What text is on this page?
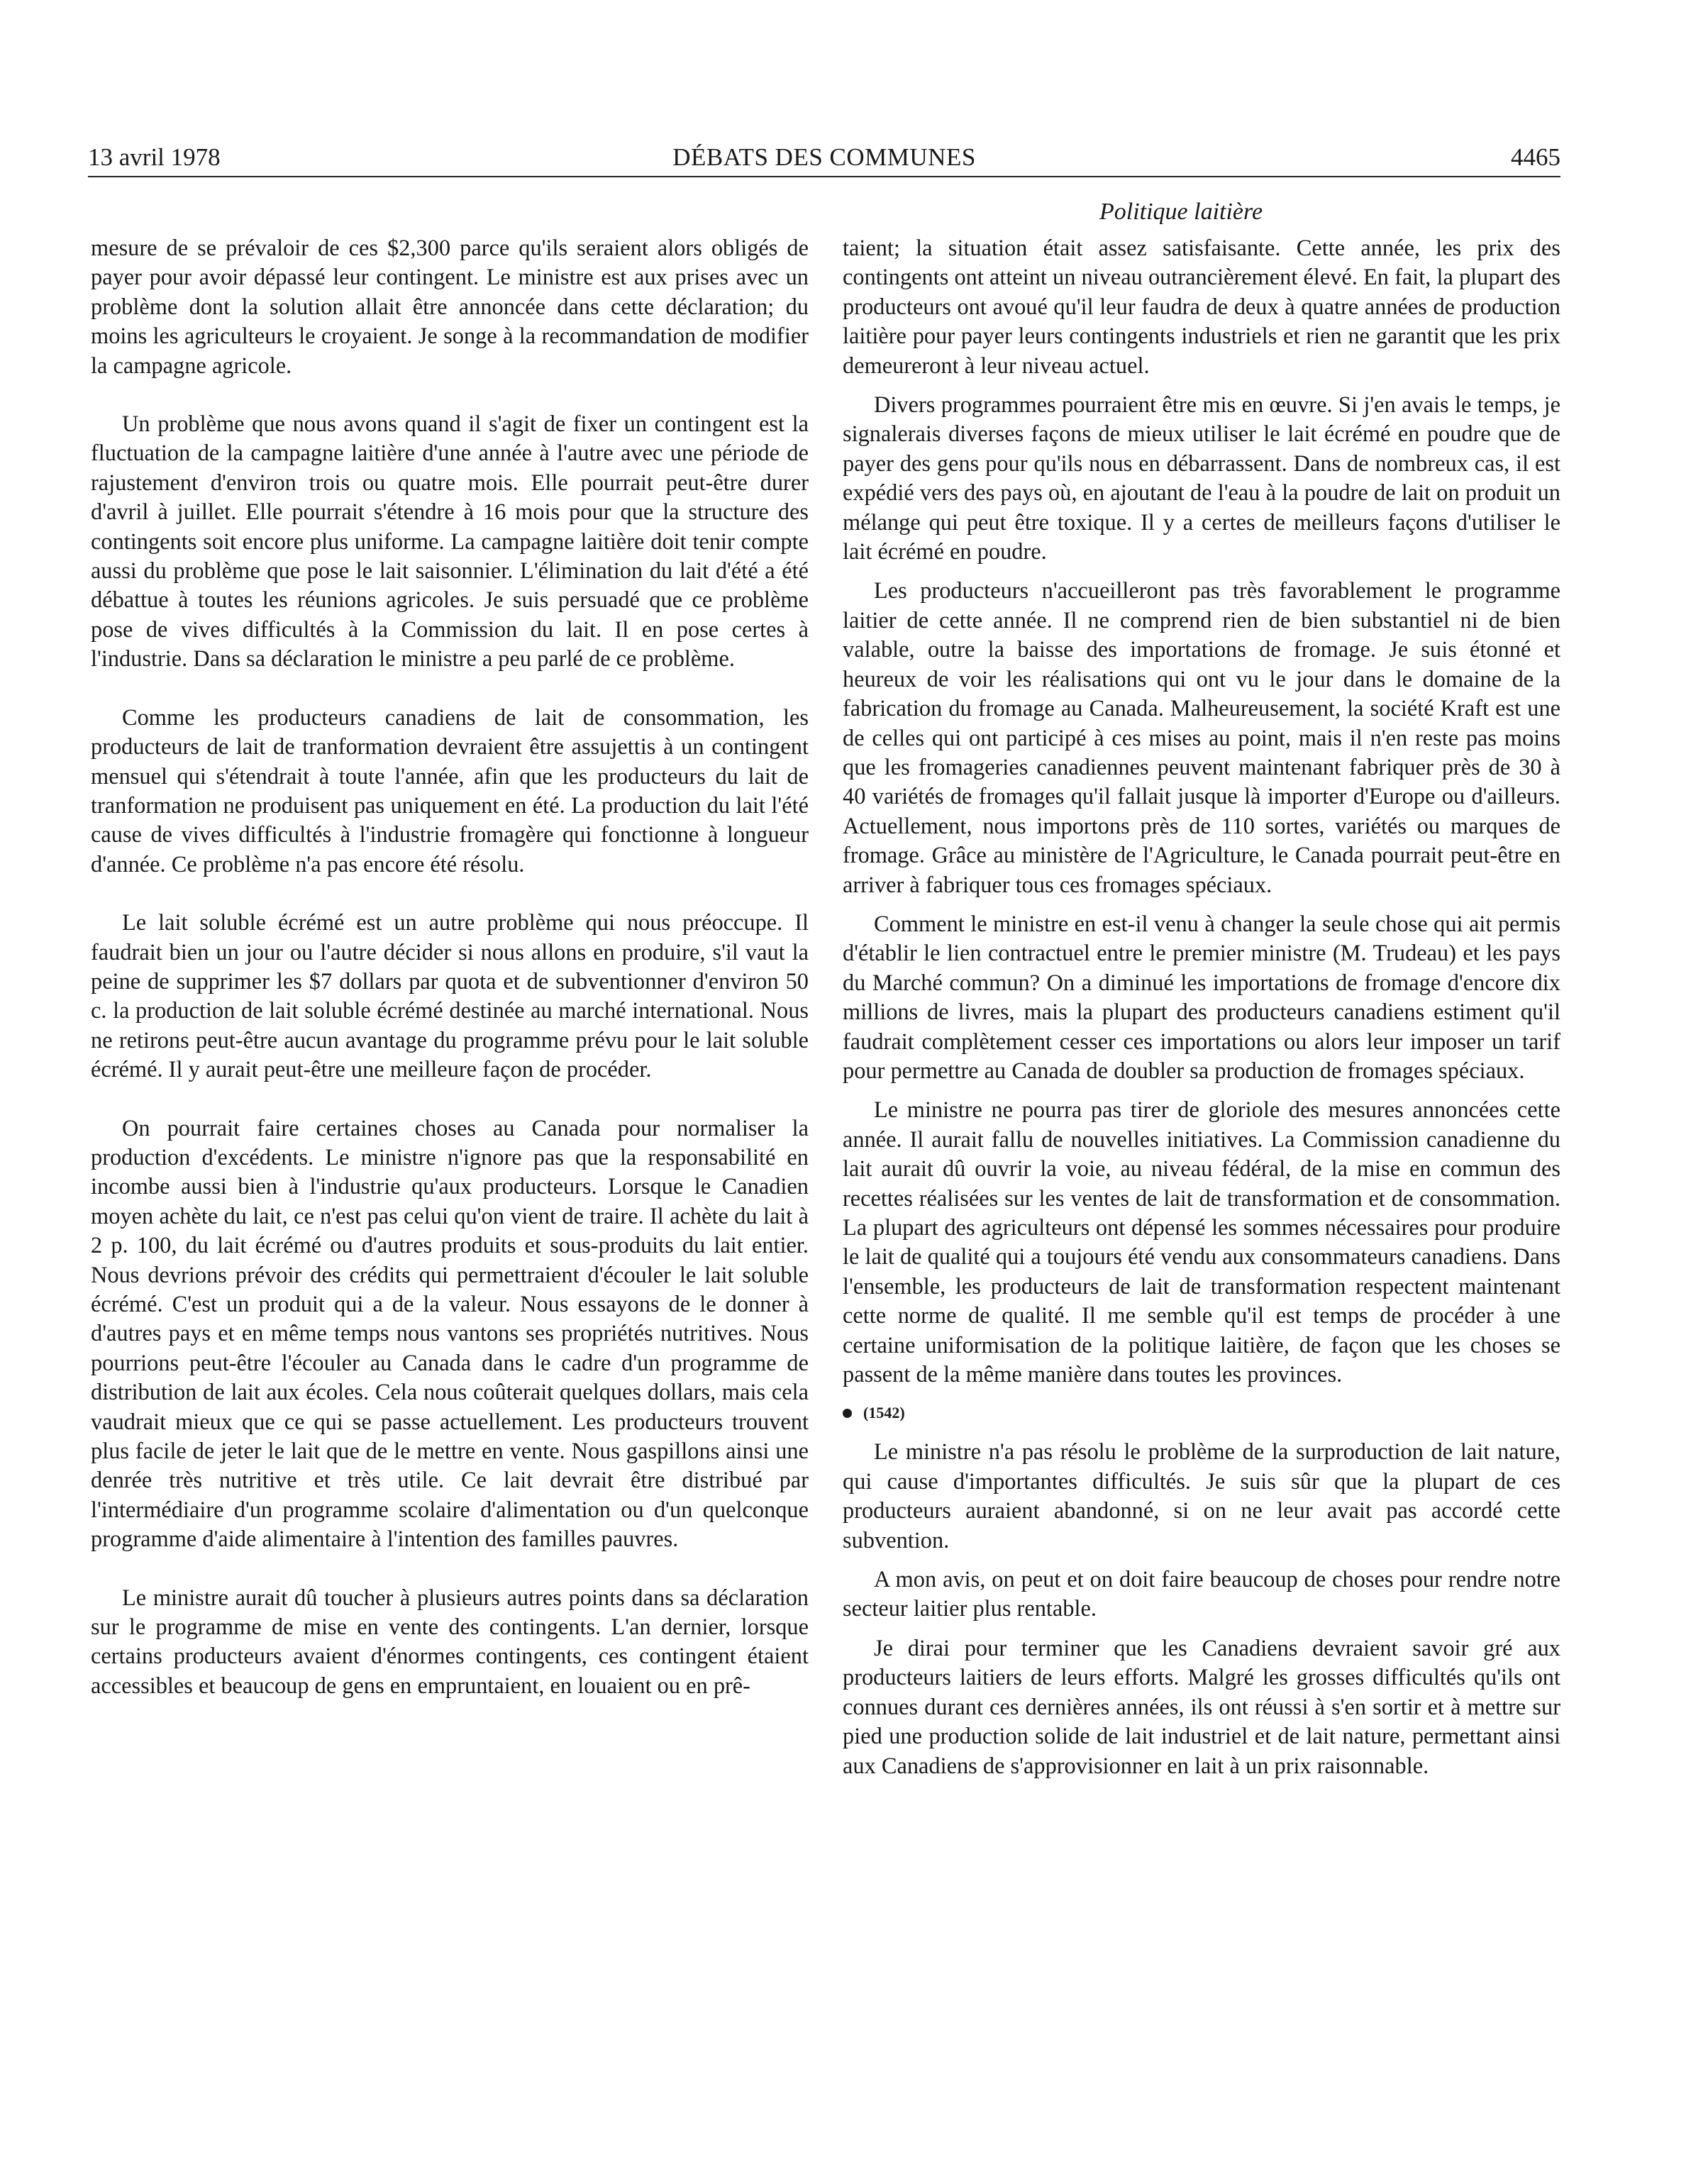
13 avril 1978	DÉBATS DES COMMUNES	4465
Politique laitière

mesure de se prévaloir de ces $2,300 parce qu'ils seraient alors obligés de payer pour avoir dépassé leur contingent. Le ministre est aux prises avec un problème dont la solution allait être annoncée dans cette déclaration; du moins les agriculteurs le croyaient. Je songe à la recommandation de modifier la campagne agricole.

Un problème que nous avons quand il s'agit de fixer un contingent est la fluctuation de la campagne laitière d'une année à l'autre avec une période de rajustement d'environ trois ou quatre mois. Elle pourrait peut-être durer d'avril à juillet. Elle pourrait s'étendre à 16 mois pour que la structure des contingents soit encore plus uniforme. La campagne laitière doit tenir compte aussi du problème que pose le lait saisonnier. L'élimination du lait d'été a été débattue à toutes les réunions agricoles. Je suis persuadé que ce problème pose de vives difficultés à la Commission du lait. Il en pose certes à l'industrie. Dans sa déclaration le ministre a peu parlé de ce problème.

Comme les producteurs canadiens de lait de consommation, les producteurs de lait de tranformation devraient être assujettis à un contingent mensuel qui s'étendrait à toute l'année, afin que les producteurs du lait de tranformation ne produisent pas uniquement en été. La production du lait l'été cause de vives difficultés à l'industrie fromagère qui fonctionne à longueur d'année. Ce problème n'a pas encore été résolu.

Le lait soluble écrémé est un autre problème qui nous préoccupe. Il faudrait bien un jour ou l'autre décider si nous allons en produire, s'il vaut la peine de supprimer les $7 dollars par quota et de subventionner d'environ 50 c. la production de lait soluble écrémé destinée au marché international. Nous ne retirons peut-être aucun avantage du programme prévu pour le lait soluble écrémé. Il y aurait peut-être une meilleure façon de procéder.

On pourrait faire certaines choses au Canada pour normaliser la production d'excédents. Le ministre n'ignore pas que la responsabilité en incombe aussi bien à l'industrie qu'aux producteurs. Lorsque le Canadien moyen achète du lait, ce n'est pas celui qu'on vient de traire. Il achète du lait à 2 p. 100, du lait écrémé ou d'autres produits et sous-produits du lait entier. Nous devrions prévoir des crédits qui permettraient d'écouler le lait soluble écrémé. C'est un produit qui a de la valeur. Nous essayons de le donner à d'autres pays et en même temps nous vantons ses propriétés nutritives. Nous pourrions peut-être l'écouler au Canada dans le cadre d'un programme de distribution de lait aux écoles. Cela nous coûterait quelques dollars, mais cela vaudrait mieux que ce qui se passe actuellement. Les producteurs trouvent plus facile de jeter le lait que de le mettre en vente. Nous gaspillons ainsi une denrée très nutritive et très utile. Ce lait devrait être distribué par l'intermédiaire d'un programme scolaire d'alimentation ou d'un quelconque programme d'aide alimentaire à l'intention des familles pauvres.

Le ministre aurait dû toucher à plusieurs autres points dans sa déclaration sur le programme de mise en vente des contingents. L'an dernier, lorsque certains producteurs avaient d'énormes contingents, ces contingent étaient accessibles et beaucoup de gens en empruntaient, en louaient ou en prê-

taient; la situation était assez satisfaisante. Cette année, les prix des contingents ont atteint un niveau outrancièrement élevé. En fait, la plupart des producteurs ont avoué qu'il leur faudra de deux à quatre années de production laitière pour payer leurs contingents industriels et rien ne garantit que les prix demeureront à leur niveau actuel.

Divers programmes pourraient être mis en œuvre. Si j'en avais le temps, je signalerais diverses façons de mieux utiliser le lait écrémé en poudre que de payer des gens pour qu'ils nous en débarrassent. Dans de nombreux cas, il est expédié vers des pays où, en ajoutant de l'eau à la poudre de lait on produit un mélange qui peut être toxique. Il y a certes de meilleurs façons d'utiliser le lait écrémé en poudre.

Les producteurs n'accueilleront pas très favorablement le programme laitier de cette année. Il ne comprend rien de bien substantiel ni de bien valable, outre la baisse des importations de fromage. Je suis étonné et heureux de voir les réalisations qui ont vu le jour dans le domaine de la fabrication du fromage au Canada. Malheureusement, la société Kraft est une de celles qui ont participé à ces mises au point, mais il n'en reste pas moins que les fromageries canadiennes peuvent maintenant fabriquer près de 30 à 40 variétés de fromages qu'il fallait jusque là importer d'Europe ou d'ailleurs. Actuellement, nous importons près de 110 sortes, variétés ou marques de fromage. Grâce au ministère de l'Agriculture, le Canada pourrait peut-être en arriver à fabriquer tous ces fromages spéciaux.

Comment le ministre en est-il venu à changer la seule chose qui ait permis d'établir le lien contractuel entre le premier ministre (M. Trudeau) et les pays du Marché commun? On a diminué les importations de fromage d'encore dix millions de livres, mais la plupart des producteurs canadiens estiment qu'il faudrait complètement cesser ces importations ou alors leur imposer un tarif pour permettre au Canada de doubler sa production de fromages spéciaux.

Le ministre ne pourra pas tirer de gloriole des mesures annoncées cette année. Il aurait fallu de nouvelles initiatives. La Commission canadienne du lait aurait dû ouvrir la voie, au niveau fédéral, de la mise en commun des recettes réalisées sur les ventes de lait de transformation et de consommation. La plupart des agriculteurs ont dépensé les sommes nécessaires pour produire le lait de qualité qui a toujours été vendu aux consommateurs canadiens. Dans l'ensemble, les producteurs de lait de transformation respectent maintenant cette norme de qualité. Il me semble qu'il est temps de procéder à une certaine uniformisation de la politique laitière, de façon que les choses se passent de la même manière dans toutes les provinces.

(1542)

Le ministre n'a pas résolu le problème de la surproduction de lait nature, qui cause d'importantes difficultés. Je suis sûr que la plupart de ces producteurs auraient abandonné, si on ne leur avait pas accordé cette subvention.

A mon avis, on peut et on doit faire beaucoup de choses pour rendre notre secteur laitier plus rentable.

Je dirai pour terminer que les Canadiens devraient savoir gré aux producteurs laitiers de leurs efforts. Malgré les grosses difficultés qu'ils ont connues durant ces dernières années, ils ont réussi à s'en sortir et à mettre sur pied une production solide de lait industriel et de lait nature, permettant ainsi aux Canadiens de s'approvisionner en lait à un prix raisonnable.
